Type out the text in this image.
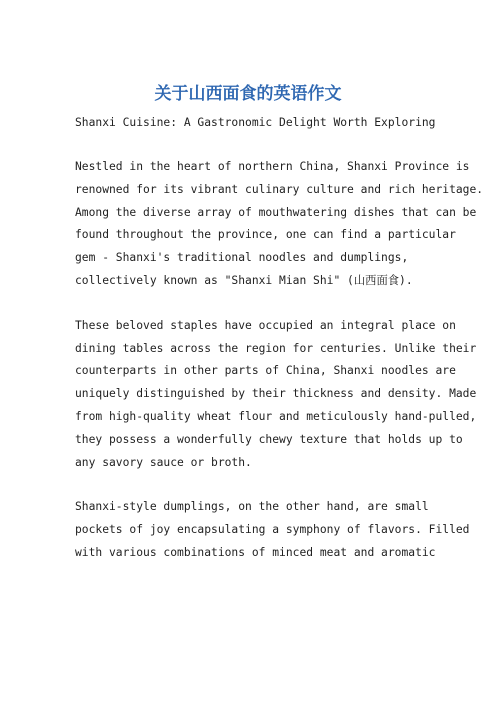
关于山西面食的英语作文
Shanxi Cuisine: A Gastronomic Delight Worth Exploring
Nestled in the heart of northern China, Shanxi Province is
renowned for its vibrant culinary culture and rich heritage.
Among the diverse array of mouthwatering dishes that can be
found throughout the province, one can find a particular
gem - Shanxi's traditional noodles and dumplings,
collectively known as "Shanxi Mian Shi" (山西面食).
These beloved staples have occupied an integral place on
dining tables across the region for centuries. Unlike their
counterparts in other parts of China, Shanxi noodles are
uniquely distinguished by their thickness and density. Made
from high-quality wheat flour and meticulously hand-pulled,
they possess a wonderfully chewy texture that holds up to
any savory sauce or broth.
Shanxi-style dumplings, on the other hand, are small
pockets of joy encapsulating a symphony of flavors. Filled
with various combinations of minced meat and aromatic
